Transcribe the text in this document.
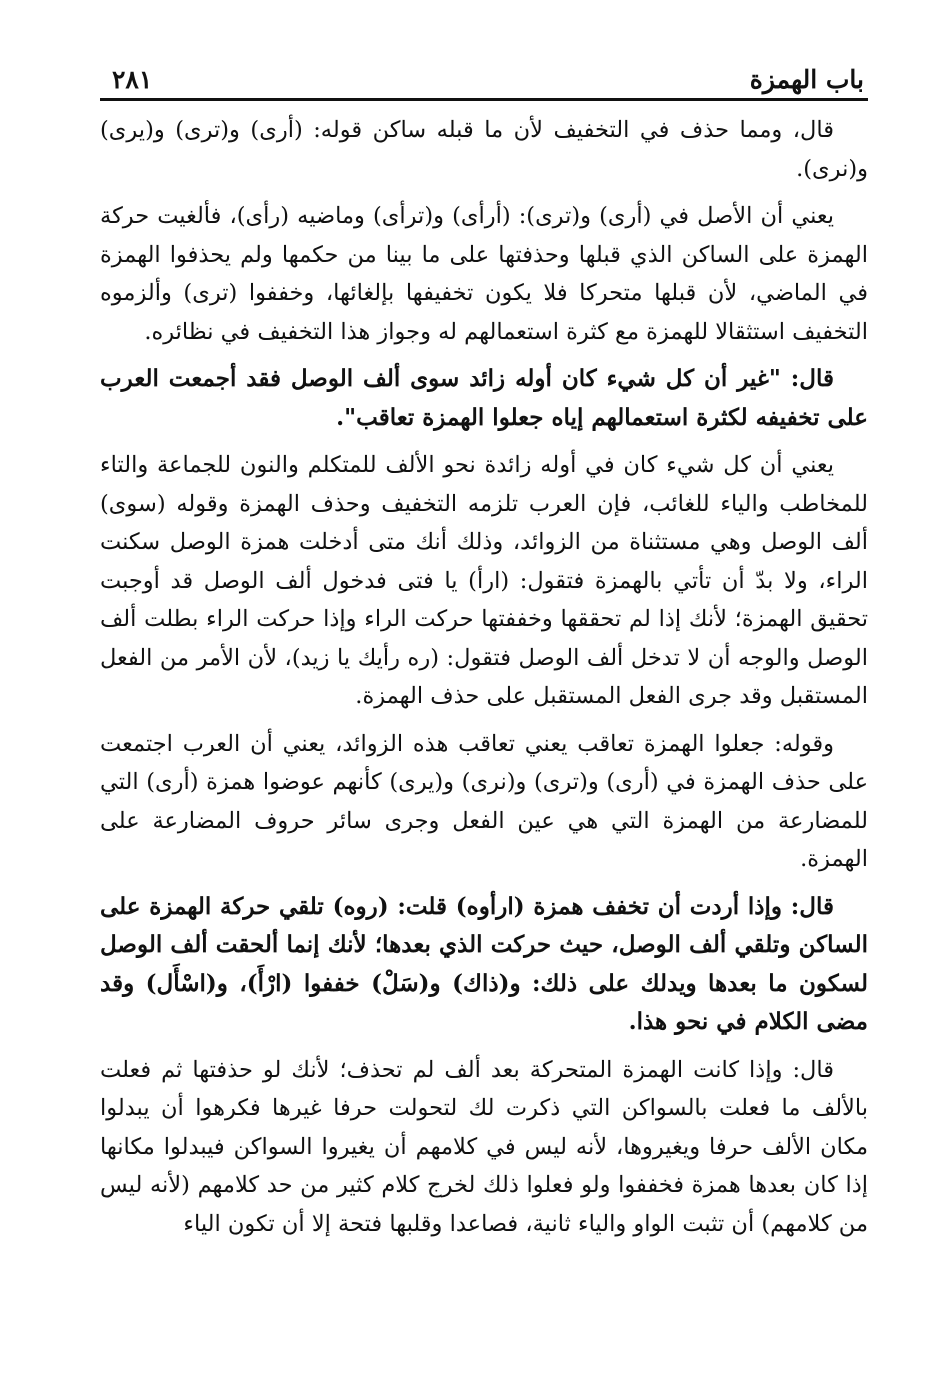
باب الهمزة
٢٨١

قال، ومما حذف في التخفيف لأن ما قبله ساكن قوله: (أرى) و(ترى) و(يرى) و(نرى).

يعني أن الأصل في (أرى) و(ترى): (أرأى) و(ترأى) وماضيه (رأى)، فألغيت حركة الهمزة على الساكن الذي قبلها وحذفتها على ما بينا من حكمها ولم يحذفوا الهمزة في الماضي، لأن قبلها متحركا فلا يكون تخفيفها بإلغائها، وخففوا (ترى) وألزموه التخفيف استثقالا للهمزة مع كثرة استعمالهم له وجواز هذا التخفيف في نظائره.

قال: "غير أن كل شيء كان أوله زائد سوى ألف الوصل فقد أجمعت العرب على تخفيفه لكثرة استعمالهم إياه جعلوا الهمزة تعاقب".

يعني أن كل شيء كان في أوله زائدة نحو الألف للمتكلم والنون للجماعة والتاء للمخاطب والياء للغائب، فإن العرب تلزمه التخفيف وحذف الهمزة وقوله (سوى) ألف الوصل وهي مستثناة من الزوائد، وذلك أنك متى أدخلت همزة الوصل سكنت الراء، ولا بدّ أن تأتي بالهمزة فتقول: (ارأ) يا فتى فدخول ألف الوصل قد أوجبت تحقيق الهمزة؛ لأنك إذا لم تحققها وخففتها حركت الراء وإذا حركت الراء بطلت ألف الوصل والوجه أن لا تدخل ألف الوصل فتقول: (ره رأيك يا زيد)، لأن الأمر من الفعل المستقبل وقد جرى الفعل المستقبل على حذف الهمزة.

وقوله: جعلوا الهمزة تعاقب يعني تعاقب هذه الزوائد، يعني أن العرب اجتمعت على حذف الهمزة في (أرى) و(ترى) و(نرى) و(يرى) كأنهم عوضوا همزة (أرى) التي للمضارعة من الهمزة التي هي عين الفعل وجرى سائر حروف المضارعة على الهمزة.

قال: وإذا أردت أن تخفف همزة (ارأوه) قلت: (روه) تلقي حركة الهمزة على الساكن وتلقي ألف الوصل، حيث حركت الذي بعدها؛ لأنك إنما ألحقت ألف الوصل لسكون ما بعدها ويدلك على ذلك: و(ذاك) و(سَلْ) خففوا (ارْأَ)، و(اسْأَل) وقد مضى الكلام في نحو هذا.

قال: وإذا كانت الهمزة المتحركة بعد ألف لم تحذف؛ لأنك لو حذفتها ثم فعلت بالألف ما فعلت بالسواكن التي ذكرت لك لتحولت حرفا غيرها فكرهوا أن يبدلوا مكان الألف حرفا ويغيروها، لأنه ليس في كلامهم أن يغيروا السواكن فيبدلوا مكانها إذا كان بعدها همزة فخففوا ولو فعلوا ذلك لخرج كلام كثير من حد كلامهم (لأنه ليس من كلامهم) أن تثبت الواو والياء ثانية، فصاعدا وقلبها فتحة إلا أن تكون الياء
